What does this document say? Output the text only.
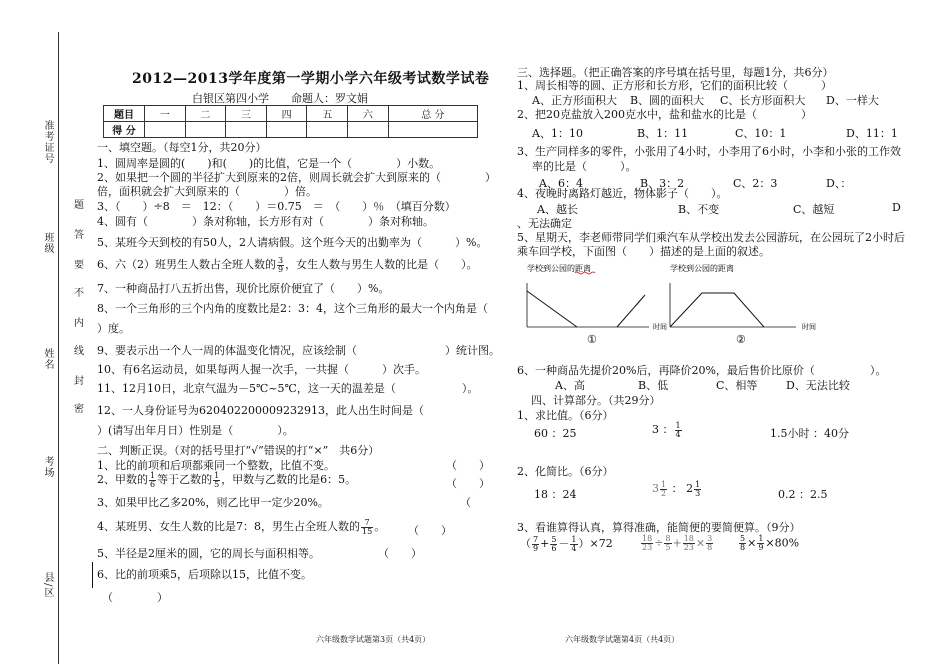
准考证号
班级
姓名
考场
县/区
题
答
要
不
内
线
封
密
2012—2013学年度第一学期小学六年级考试数学试卷
白银区第四小学　　命题人：罗文娟
题目	一	二	三	四	五	六	总 分
得 分							
一、填空题。（每空1分，共20分）
1、圆周率是圆的(　　)和(　　)的比值，它是一个（　　　　）小数。
2、如果把一个圆的半径扩大到原来的2倍，则周长就会扩大到原来的（　　　　）
倍，面积就会扩大到原来的（　　　　）倍。
3、（　　）÷8　＝　12：（　　）＝0.75　＝　（　　）％　（填百分数）
4、圆有（　　　　）条对称轴，长方形有对（　　　　）条对称轴。
5、某班今天到校的有50人，2人请病假。这个班今天的出勤率为（　　　）%。
6、六（2）班男生人数占全班人数的 $\frac{3}{9}$ ，女生人数与男生人数的比是（　　）。
7、一种商品打八五折出售，现价比原价便宜了（　　）%。
8、一个三角形的三个内角的度数比是2：3：4，这个三角形的最大一个内角是（
）度。
9、要表示出一个人一周的体温变化情况，应该绘制（　　　　　　　　）统计图。
10、有6名运动员，如果每两人握一次手，一共握（　　　）次手。
11、12月10日，北京气温为－5℃~5℃，这一天的温差是（　　　　　　）。
12、一人身份证号为620402200009232913，此人出生时间是（
）(请写出年月日）性别是（　　　　）。
二、判断正误。（对的括号里打“√”错误的打“×”　共6分）
1、比的前项和后项都乘同一个整数，比值不变。	（　　）
2、甲数的 $\frac{1}{6}$ 等于乙数的 $\frac{1}{5}$ ，甲数与乙数的比是6：5。	（　　）
3、如果甲比乙多20%，则乙比甲一定少20%。	（
4、某班男、女生人数的比是7：8，男生占全班人数的 $\frac{7}{15}$ 。 （　　）
5、半径是2厘米的圆，它的周长与面积相等。	（　　）
6、比的前项乘5，后项除以15，比值不变。
（　　　　）
六年级数学试题第3页（共4页）
三、选择题。（把正确答案的序号填在括号里，每题1分，共6分）
1、周长相等的圆、正方形和长方形，它们的面积比较（　　　）
A、正方形面积大 B、圆的面积大 C、长方形面积大 D、一样大
2、把20克盐放入200克水中，盐和盐水的比是（　　　　）
A、1：10	B、1：11	C、10：1	D、11：1
3、生产同样多的零件，小张用了4小时，小李用了6小时，小李和小张的工作效
率的比是（　　　）。
A、6：4	B、3：2	C、2：3	D、：
4、夜晚时离路灯越近，物体影子（　　）。
A、越长	B、不变	C、越短	D
、无法确定
5、星期天，李老师带同学们乘汽车从学校出发去公园游玩，在公园玩了2小时后
乘车回学校，下面图（　　）描述的是上面的叙述。
学校到公园的距离
①
时间
学校到公园的距离
②
时间
6、一种商品先提价20%后，再降价20%，最后售价比原价（　　　　　）。
A、高	B、低	C、相等	D、无法比较
四、计算部分。（共29分）
1、求比值。（6分）
60 ：25	3 ： $\frac{1}{4}$	1.5小时 ：40分
2、化简比。（6分）
18 ：24	$3 \frac{1}{2}$ ： $2 \frac{1}{3}$	0.2 ：2.5
3、看谁算得认真，算得准确，能简便的要简便算。（9分）
（ $\frac{7}{9} + \frac{5}{6} - \frac{1}{4} )\times 72$	$\frac{18}{23} \div \frac{8}{5} + \frac{18}{23} \times \frac{3}{8}$	$\frac{5}{8} \times \frac{1}{9} \times 80\%$
六年级数学试题第4页（共4页）
